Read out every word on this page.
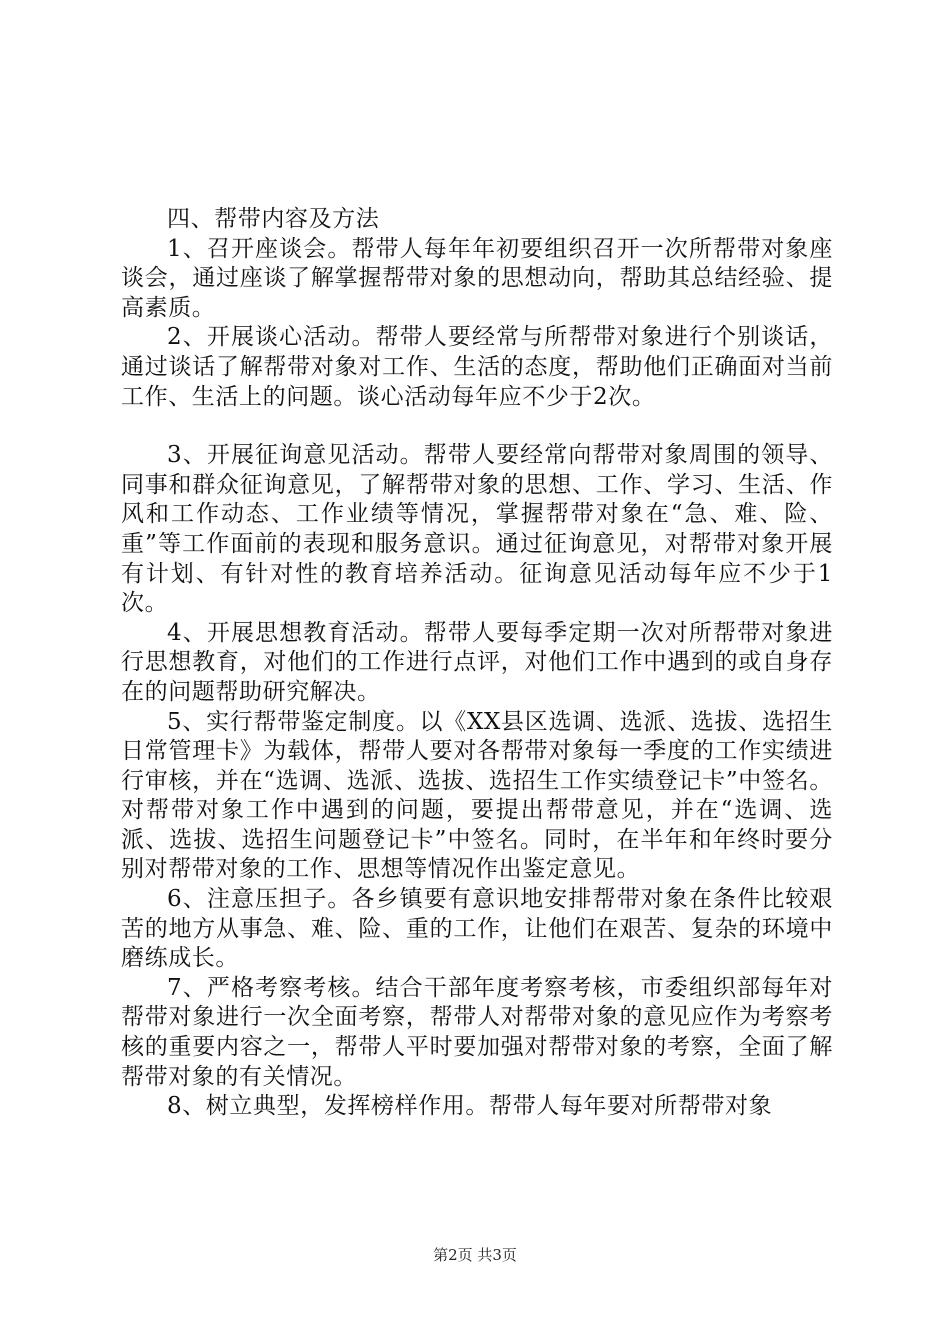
四、帮带内容及方法

1、召开座谈会。帮带人每年年初要组织召开一次所帮带对象座谈会，通过座谈了解掌握帮带对象的思想动向，帮助其总结经验、提高素质。

2、开展谈心活动。帮带人要经常与所帮带对象进行个别谈话，通过谈话了解帮带对象对工作、生活的态度，帮助他们正确面对当前工作、生活上的问题。谈心活动每年应不少于2次。

3、开展征询意见活动。帮带人要经常向帮带对象周围的领导、同事和群众征询意见，了解帮带对象的思想、工作、学习、生活、作风和工作动态、工作业绩等情况，掌握帮带对象在“急、难、险、重”等工作面前的表现和服务意识。通过征询意见，对帮带对象开展有计划、有针对性的教育培养活动。征询意见活动每年应不少于1次。

4、开展思想教育活动。帮带人要每季定期一次对所帮带对象进行思想教育，对他们的工作进行点评，对他们工作中遇到的或自身存在的问题帮助研究解决。

5、实行帮带鉴定制度。以《XX县区选调、选派、选拔、选招生日常管理卡》为载体，帮带人要对各帮带对象每一季度的工作实绩进行审核，并在“选调、选派、选拔、选招生工作实绩登记卡”中签名。对帮带对象工作中遇到的问题，要提出帮带意见，并在“选调、选派、选拔、选招生问题登记卡”中签名。同时，在半年和年终时要分别对帮带对象的工作、思想等情况作出鉴定意见。

6、注意压担子。各乡镇要有意识地安排帮带对象在条件比较艰苦的地方从事急、难、险、重的工作，让他们在艰苦、复杂的环境中磨练成长。

7、严格考察考核。结合干部年度考察考核，市委组织部每年对帮带对象进行一次全面考察，帮带人对帮带对象的意见应作为考察考核的重要内容之一，帮带人平时要加强对帮带对象的考察，全面了解帮带对象的有关情况。

8、树立典型，发挥榜样作用。帮带人每年要对所帮带对象

第2页 共3页
